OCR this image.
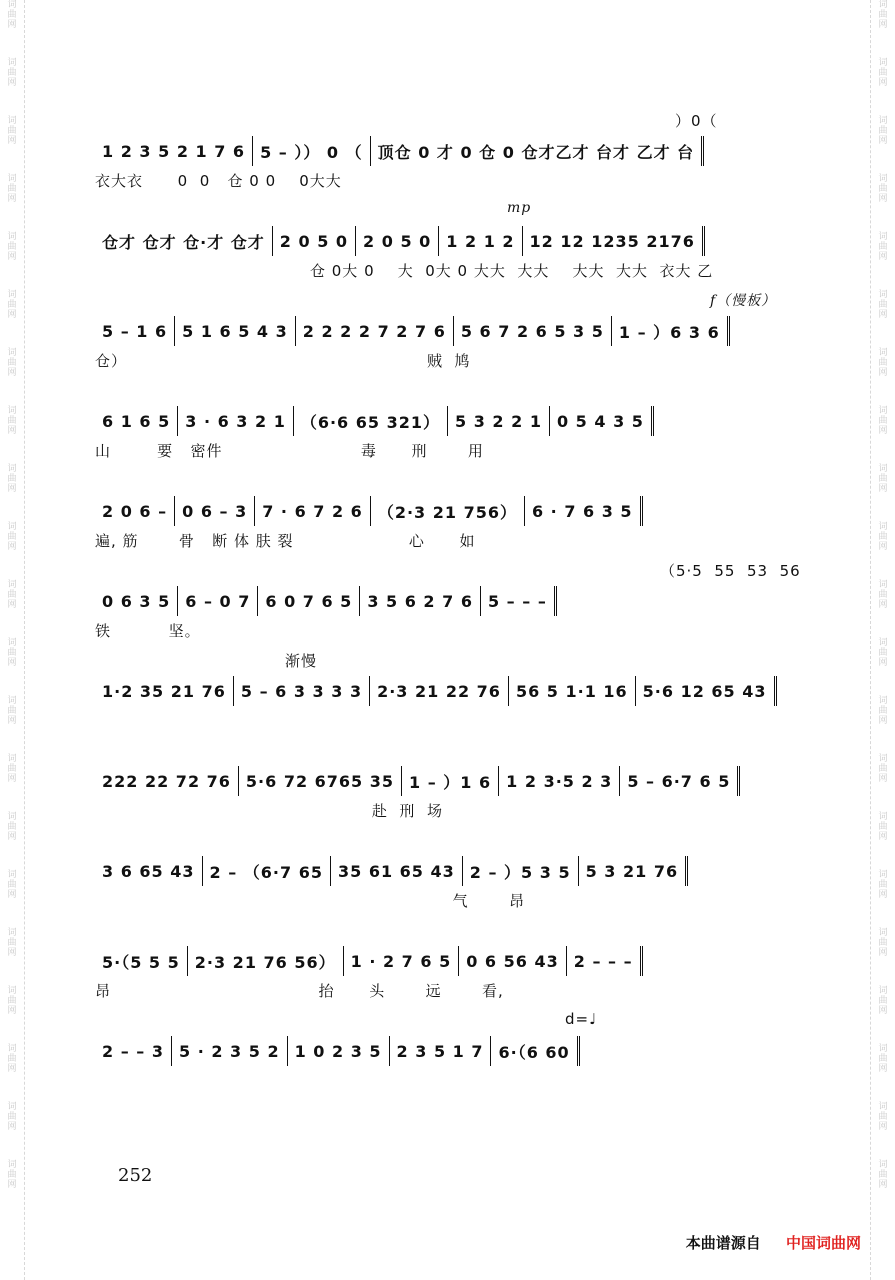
词曲网
词曲网
词曲网
词曲网
词曲网
词曲网
词曲网
词曲网
词曲网
词曲网
词曲网
词曲网
词曲网
词曲网
词曲网
词曲网
词曲网
词曲网
词曲网
词曲网
词曲网
词曲网
词曲网
词曲网
词曲网
词曲网
词曲网
词曲网
词曲网
词曲网
词曲网
词曲网
词曲网
词曲网
词曲网
词曲网
词曲网
词曲网
词曲网
词曲网
词曲网
词曲网
）0（
1 2 3 5 2 1 7 6 5 – ）） 0 （ 顶仓 0 才 0 仓 0 仓才乙才 台才 乙才 台
衣大衣      0  0   仓 0 0    0大大
mp
仓才 仓才 仓·才 仓才 2 0 5 0 2 0 5 0 1 2 1 2 12 12 1235 2176
仓 0大 0    大  0大 0 大大  大大    大大  大大  衣大 乙
f（慢板）
5 – 1 6 5 1 6 5 4 3 2 2 2 2 7 2 7 6 5 6 7 2 6 5 3 5 1 – ）6 3 6
仓）                                                    贼  鸠
6 1 6 5 3 · 6 3 2 1 （6·6 65 321） 5 3 2 2 1 0 5 4 3 5
山        要   密件                        毒      刑       用
2 0 6 – 0 6 – 3 7 · 6 7 2 6 （2·3 21 756） 6 · 7 6 3 5
遍, 筋       骨   断 体 肤 裂                    心      如
（5·5  55  53  56
0 6 3 5 6 – 0 7 6 0 7 6 5 3 5 6 2 7 6 5 – – –
铁          坚。
渐慢
1·2 35 21 76 5 – 6 3 3 3 3 2·3 21 22 76 56 5 1·1 16 5·6 12 65 43
222 22 72 76 5·6 72 6765 35 1 – ）1 6 1 2 3·5 2 3 5 – 6·7 6 5
赴  刑  场
3 6 65 43 2 – （6·7 65 35 61 65 43 2 – ）5 3 5 5 3 21 76
气       昂
5·（5 5 5 2·3 21 76 56） 1 · 2 7 6 5 0 6 56 43 2 – – –
昂                                    抬      头       远       看,
d=♩
2 – – 3 5 · 2 3 5 2 1 0 2 3 5 2 3 5 1 7 6·（6 60
252
本曲谱源自 中国词曲网
